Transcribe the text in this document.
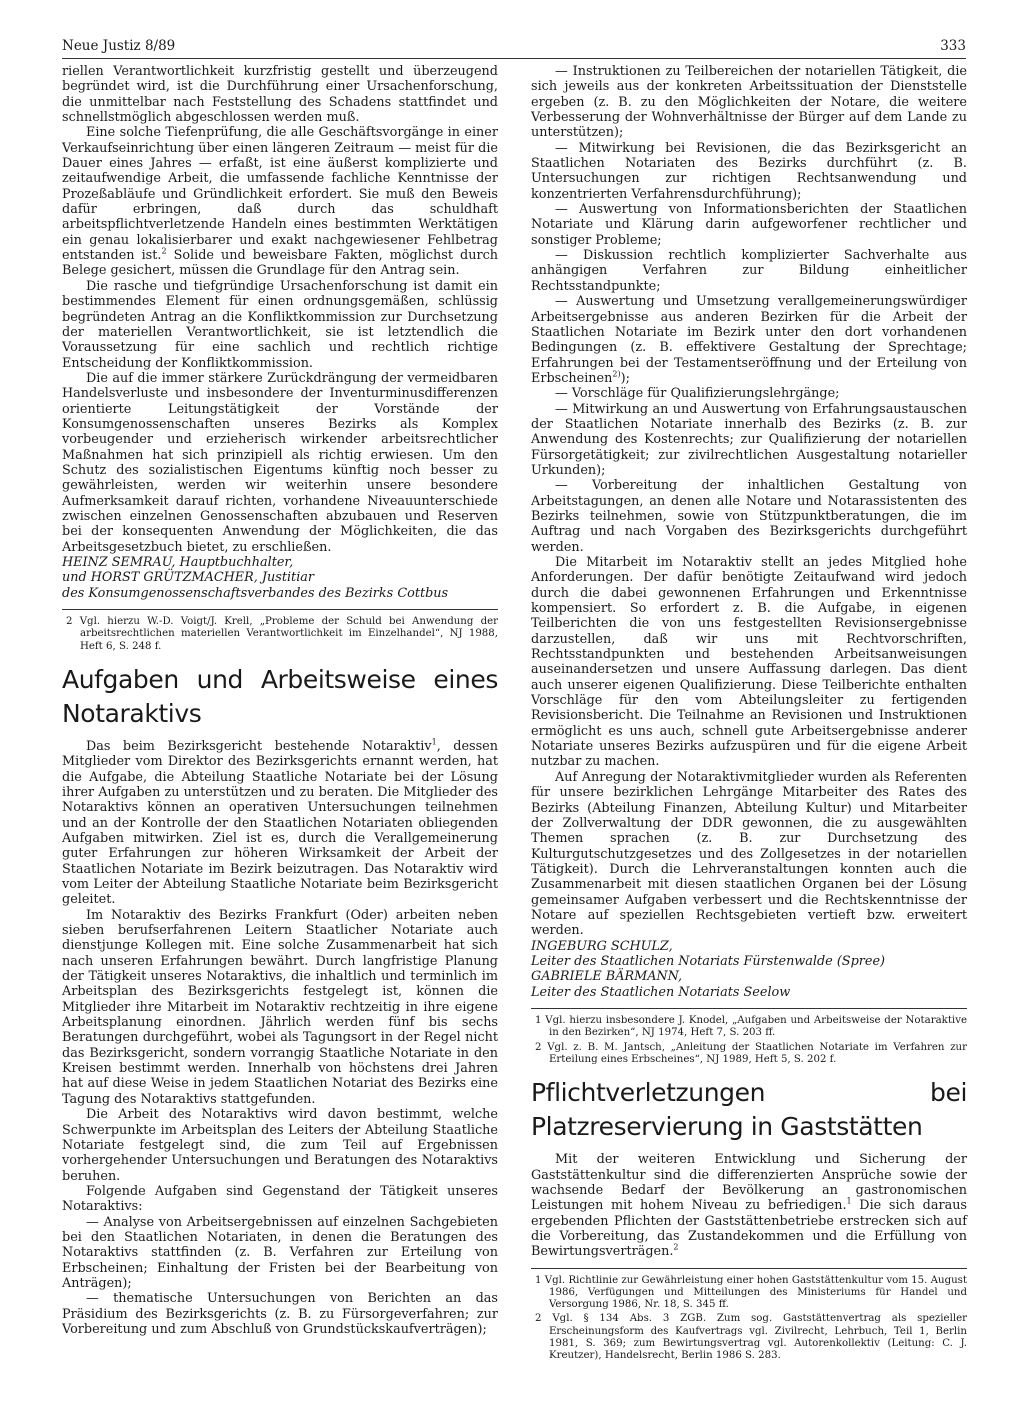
Neue Justiz 8/89	333

riellen Verantwortlichkeit kurzfristig gestellt und überzeugend begründet wird, ist die Durchführung einer Ursachenforschung, die unmittelbar nach Feststellung des Schadens stattfindet und schnellstmöglich abgeschlossen werden muß.

Eine solche Tiefenprüfung, die alle Geschäftsvorgänge in einer Verkaufseinrichtung über einen längeren Zeitraum — meist für die Dauer eines Jahres — erfaßt, ist eine äußerst komplizierte und zeitaufwendige Arbeit, die umfassende fachliche Kenntnisse der Prozeßabläufe und Gründlichkeit erfordert. Sie muß den Beweis dafür erbringen, daß durch das schuldhaft arbeitspflichtverletzende Handeln eines bestimmten Werktätigen ein genau lokalisierbarer und exakt nachgewiesener Fehlbetrag entstanden ist.$^2$ Solide und beweisbare Fakten, möglichst durch Belege gesichert, müssen die Grundlage für den Antrag sein.

Die rasche und tiefgründige Ursachenforschung ist damit ein bestimmendes Element für einen ordnungsgemäßen, schlüssig begründeten Antrag an die Konfliktkommission zur Durchsetzung der materiellen Verantwortlichkeit, sie ist letztendlich die Voraussetzung für eine sachlich und rechtlich richtige Entscheidung der Konfliktkommission.

Die auf die immer stärkere Zurückdrängung der vermeidbaren Handelsverluste und insbesondere der Inventurminusdifferenzen orientierte Leitungstätigkeit der Vorstände der Konsumgenossenschaften unseres Bezirks als Komplex vorbeugender und erzieherisch wirkender arbeitsrechtlicher Maßnahmen hat sich prinzipiell als richtig erwiesen. Um den Schutz des sozialistischen Eigentums künftig noch besser zu gewährleisten, werden wir weiterhin unsere besondere Aufmerksamkeit darauf richten, vorhandene Niveauunterschiede zwischen einzelnen Genossenschaften abzubauen und Reserven bei der konsequenten Anwendung der Möglichkeiten, die das Arbeitsgesetzbuch bietet, zu erschließen.

HEINZ SEMRAU, Hauptbuchhalter,

und HORST GRÜTZMACHER, Justitiar

des Konsumgenossenschaftsverbandes des Bezirks Cottbus

2 Vgl. hierzu W.-D. Voigt/J. Krell, „Probleme der Schuld bei Anwendung der arbeitsrechtlichen materiellen Verantwortlichkeit im Einzelhandel“, NJ 1988, Heft 6, S. 248 f.

Aufgaben und Arbeitsweise eines Notaraktivs

Das beim Bezirksgericht bestehende Notaraktiv$^1$, dessen Mitglieder vom Direktor des Bezirksgerichts ernannt werden, hat die Aufgabe, die Abteilung Staatliche Notariate bei der Lösung ihrer Aufgaben zu unterstützen und zu beraten. Die Mitglieder des Notaraktivs können an operativen Untersuchungen teilnehmen und an der Kontrolle der den Staatlichen Notariaten obliegenden Aufgaben mitwirken. Ziel ist es, durch die Verallgemeinerung guter Erfahrungen zur höheren Wirksamkeit der Arbeit der Staatlichen Notariate im Bezirk beizutragen. Das Notaraktiv wird vom Leiter der Abteilung Staatliche Notariate beim Bezirksgericht geleitet.

Im Notaraktiv des Bezirks Frankfurt (Oder) arbeiten neben sieben berufserfahrenen Leitern Staatlicher Notariate auch dienstjunge Kollegen mit. Eine solche Zusammenarbeit hat sich nach unseren Erfahrungen bewährt. Durch langfristige Planung der Tätigkeit unseres Notaraktivs, die inhaltlich und terminlich im Arbeitsplan des Bezirksgerichts festgelegt ist, können die Mitglieder ihre Mitarbeit im Notaraktiv rechtzeitig in ihre eigene Arbeitsplanung einordnen. Jährlich werden fünf bis sechs Beratungen durchgeführt, wobei als Tagungsort in der Regel nicht das Bezirksgericht, sondern vorrangig Staatliche Notariate in den Kreisen bestimmt werden. Innerhalb von höchstens drei Jahren hat auf diese Weise in jedem Staatlichen Notariat des Bezirks eine Tagung des Notaraktivs stattgefunden.

Die Arbeit des Notaraktivs wird davon bestimmt, welche Schwerpunkte im Arbeitsplan des Leiters der Abteilung Staatliche Notariate festgelegt sind, die zum Teil auf Ergebnissen vorhergehender Untersuchungen und Beratungen des Notaraktivs beruhen.

Folgende Aufgaben sind Gegenstand der Tätigkeit unseres Notaraktivs:

— Analyse von Arbeitsergebnissen auf einzelnen Sachgebieten bei den Staatlichen Notariaten, in denen die Beratungen des Notaraktivs stattfinden (z. B. Verfahren zur Erteilung von Erbscheinen; Einhaltung der Fristen bei der Bearbeitung von Anträgen);

— thematische Untersuchungen von Berichten an das Präsidium des Bezirksgerichts (z. B. zu Fürsorgeverfahren; zur Vorbereitung und zum Abschluß von Grundstückskaufverträgen);

— Instruktionen zu Teilbereichen der notariellen Tätigkeit, die sich jeweils aus der konkreten Arbeitssituation der Dienststelle ergeben (z. B. zu den Möglichkeiten der Notare, die weitere Verbesserung der Wohnverhältnisse der Bürger auf dem Lande zu unterstützen);

— Mitwirkung bei Revisionen, die das Bezirksgericht an Staatlichen Notariaten des Bezirks durchführt (z. B. Untersuchungen zur richtigen Rechtsanwendung und konzentrierten Verfahrensdurchführung);

— Auswertung von Informationsberichten der Staatlichen Notariate und Klärung darin aufgeworfener rechtlicher und sonstiger Probleme;

— Diskussion rechtlich komplizierter Sachverhalte aus anhängigen Verfahren zur Bildung einheitlicher Rechtsstandpunkte;

— Auswertung und Umsetzung verallgemeinerungswürdiger Arbeitsergebnisse aus anderen Bezirken für die Arbeit der Staatlichen Notariate im Bezirk unter den dort vorhandenen Bedingungen (z. B. effektivere Gestaltung der Sprechtage; Erfahrungen bei der Testamentseröffnung und der Erteilung von Erbscheinen$^{2)}$);

— Vorschläge für Qualifizierungslehrgänge;

— Mitwirkung an und Auswertung von Erfahrungsaustauschen der Staatlichen Notariate innerhalb des Bezirks (z. B. zur Anwendung des Kostenrechts; zur Qualifizierung der notariellen Fürsorgetätigkeit; zur zivilrechtlichen Ausgestaltung notarieller Urkunden);

— Vorbereitung der inhaltlichen Gestaltung von Arbeitstagungen, an denen alle Notare und Notarassistenten des Bezirks teilnehmen, sowie von Stützpunktberatungen, die im Auftrag und nach Vorgaben des Bezirksgerichts durchgeführt werden.

Die Mitarbeit im Notaraktiv stellt an jedes Mitglied hohe Anforderungen. Der dafür benötigte Zeitaufwand wird jedoch durch die dabei gewonnenen Erfahrungen und Erkenntnisse kompensiert. So erfordert z. B. die Aufgabe, in eigenen Teilberichten die von uns festgestellten Revisionsergebnisse darzustellen, daß wir uns mit Rechtvorschriften, Rechtsstandpunkten und bestehenden Arbeitsanweisungen auseinandersetzen und unsere Auffassung darlegen. Das dient auch unserer eigenen Qualifizierung. Diese Teilberichte enthalten Vorschläge für den vom Abteilungsleiter zu fertigenden Revisionsbericht. Die Teilnahme an Revisionen und Instruktionen ermöglicht es uns auch, schnell gute Arbeitsergebnisse anderer Notariate unseres Bezirks aufzuspüren und für die eigene Arbeit nutzbar zu machen.

Auf Anregung der Notaraktivmitglieder wurden als Referenten für unsere bezirklichen Lehrgänge Mitarbeiter des Rates des Bezirks (Abteilung Finanzen, Abteilung Kultur) und Mitarbeiter der Zollverwaltung der DDR gewonnen, die zu ausgewählten Themen sprachen (z. B. zur Durchsetzung des Kulturgutschutzgesetzes und des Zollgesetzes in der notariellen Tätigkeit). Durch die Lehrveranstaltungen konnten auch die Zusammenarbeit mit diesen staatlichen Organen bei der Lösung gemeinsamer Aufgaben verbessert und die Rechtskenntnisse der Notare auf speziellen Rechtsgebieten vertieft bzw. erweitert werden.

INGEBURG SCHULZ,

Leiter des Staatlichen Notariats Fürstenwalde (Spree)

GABRIELE BÄRMANN,

Leiter des Staatlichen Notariats Seelow

1 Vgl. hierzu insbesondere J. Knodel, „Aufgaben und Arbeitsweise der Notaraktive in den Bezirken“, NJ 1974, Heft 7, S. 203 ff.

2 Vgl. z. B. M. Jantsch, „Anleitung der Staatlichen Notariate im Verfahren zur Erteilung eines Erbscheines“, NJ 1989, Heft 5, S. 202 f.

Pflichtverletzungen bei Platzreservierung in Gaststätten

Mit der weiteren Entwicklung und Sicherung der Gaststättenkultur sind die differenzierten Ansprüche sowie der wachsende Bedarf der Bevölkerung an gastronomischen Leistungen mit hohem Niveau zu befriedigen.$^1$ Die sich daraus ergebenden Pflichten der Gaststättenbetriebe erstrecken sich auf die Vorbereitung, das Zustandekommen und die Erfüllung von Bewirtungsverträgen.$^2$

1 Vgl. Richtlinie zur Gewährleistung einer hohen Gaststättenkultur vom 15. August 1986, Verfügungen und Mitteilungen des Ministeriums für Handel und Versorgung 1986, Nr. 18, S. 345 ff.

2 Vgl. § 134 Abs. 3 ZGB. Zum sog. Gaststättenvertrag als spezieller Erscheinungsform des Kaufvertrags vgl. Zivilrecht, Lehrbuch, Teil 1, Berlin 1981, S. 369; zum Bewirtungsvertrag vgl. Autorenkollektiv (Leitung: C. J. Kreutzer), Handelsrecht, Berlin 1986 S. 283.
